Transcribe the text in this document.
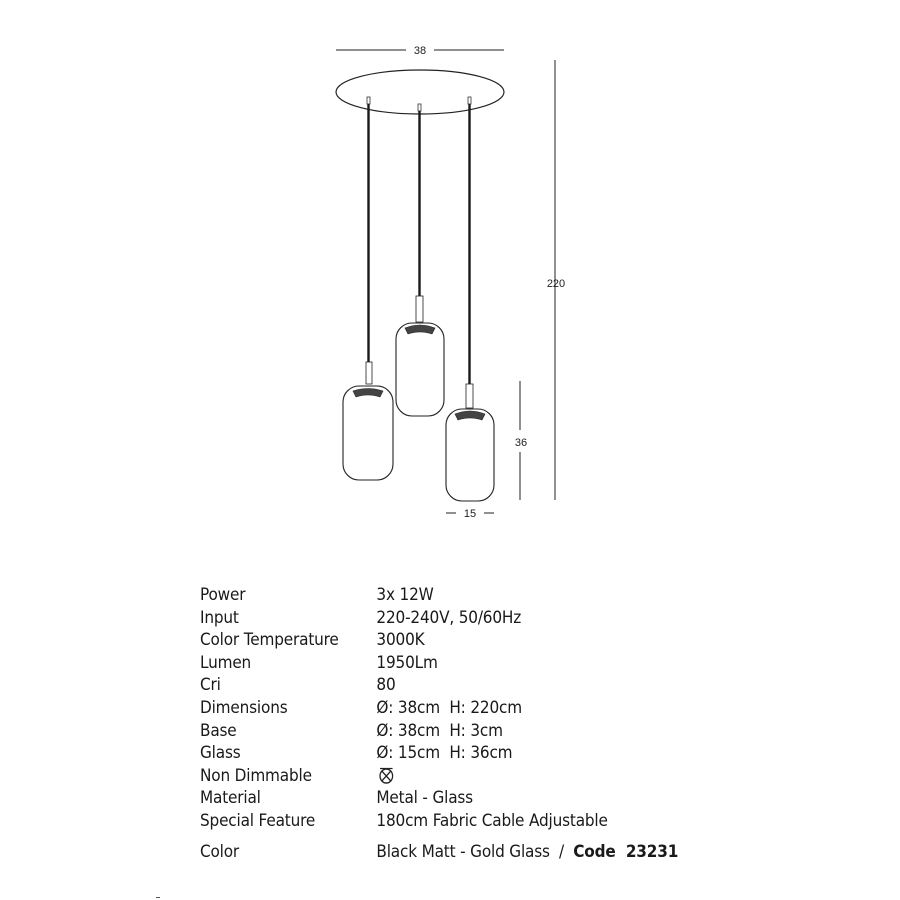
38
220
36
15
Power	3x 12W
Input	220-240V, 50/60Hz
Color Temperature	3000K
Lumen	1950Lm
Cri	80
Dimensions	Ø: 38cm  H: 220cm
Base	Ø: 38cm  H: 3cm
Glass	Ø: 15cm  H: 36cm
Non Dimmable
Material	Metal - Glass
Special Feature	180cm Fabric Cable Adjustable
Color	Black Matt - Gold Glass / Code  23231
